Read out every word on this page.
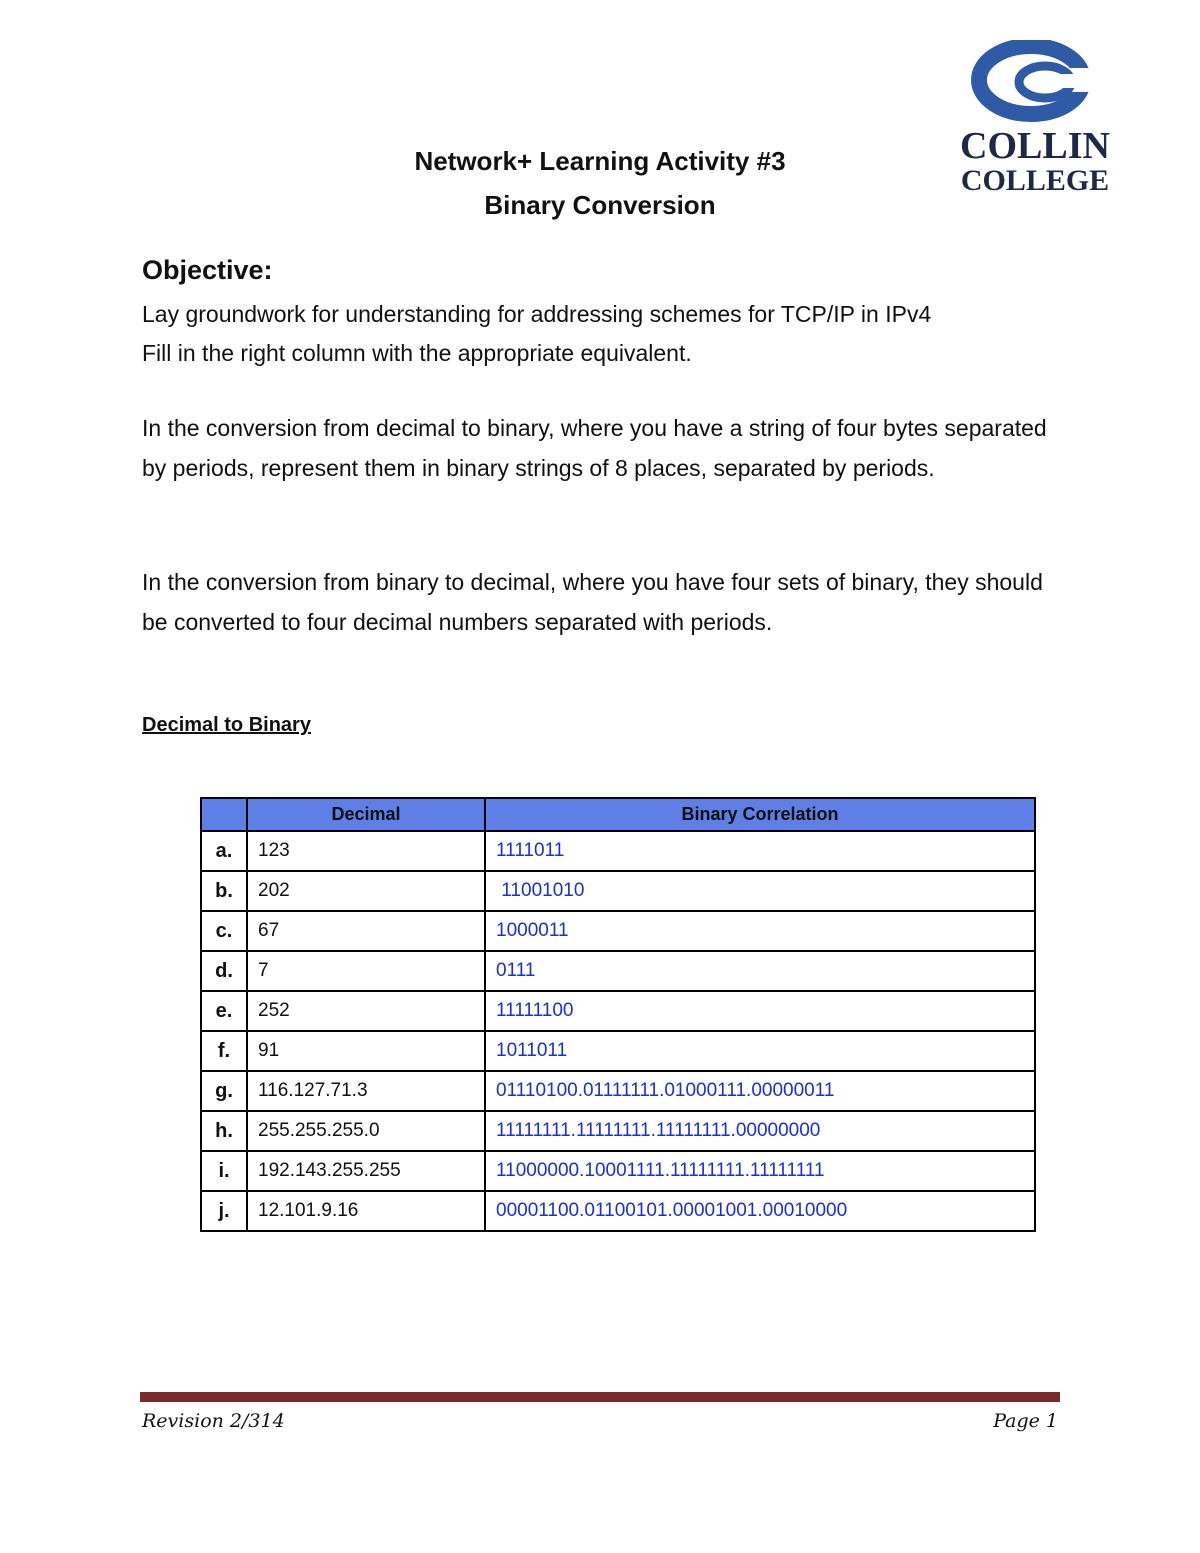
COLLIN
COLLEGE
Network+ Learning Activity #3
Binary Conversion
Objective:

Lay groundwork for understanding for addressing schemes for TCP/IP in IPv4

Fill in the right column with the appropriate equivalent.

In the conversion from decimal to binary, where you have a string of four bytes separated by periods, represent them in binary strings of 8 places, separated by periods.

In the conversion from binary to decimal, where you have four sets of binary, they should be converted to four decimal numbers separated with periods.

Decimal to Binary
	Decimal	Binary Correlation
a.	123	1111011
b.	202	11001010
c.	67	1000011
d.	7	0111
e.	252	11111100
f.	91	1011011
g.	116.127.71.3	01110100.01111111.01000111.00000011
h.	255.255.255.0	11111111.11111111.11111111.00000000
i.	192.143.255.255	11000000.10001111.11111111.11111111
j.	12.101.9.16	00001100.01100101.00001001.00010000
Revision 2/314	Page 1
